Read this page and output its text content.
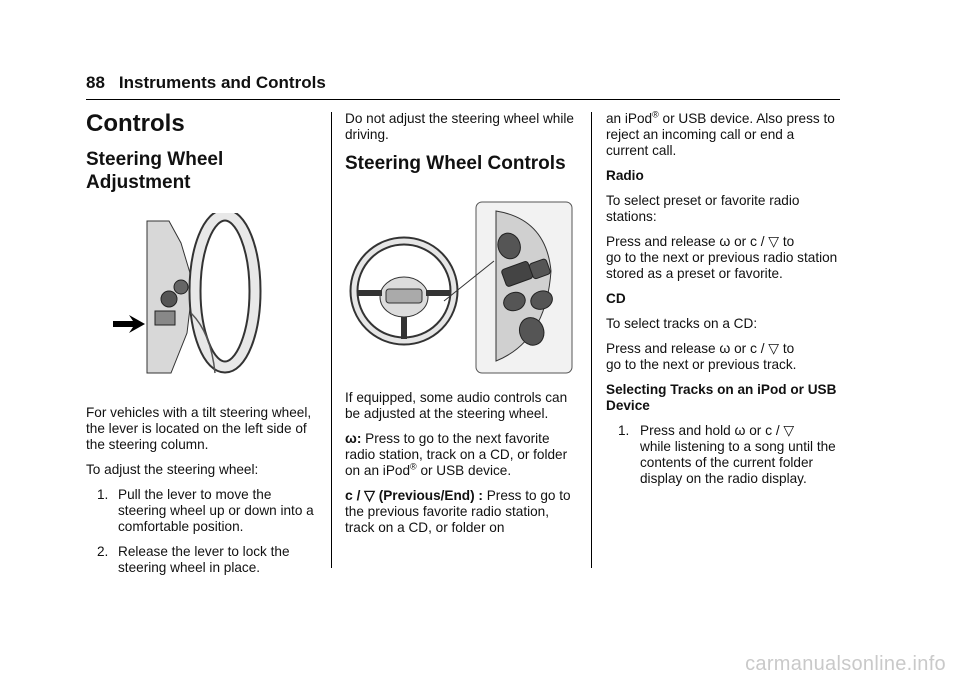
88 Instruments and Controls
Controls
Steering Wheel
Adjustment

For vehicles with a tilt steering wheel, the lever is located on the left side of the steering column.

To adjust the steering wheel:

1. Pull the lever to move the steering wheel up or down into a comfortable position.
2. Release the lever to lock the steering wheel in place.

Do not adjust the steering wheel while driving.

Steering Wheel Controls

If equipped, some audio controls can be adjusted at the steering wheel.

ω: Press to go to the next favorite radio station, track on a CD, or folder on an iPod® or USB device.

c / ▽ (Previous/End) : Press to go to the previous favorite radio station, track on a CD, or folder on

an iPod® or USB device. Also press to reject an incoming call or end a current call.

Radio

To select preset or favorite radio stations:

Press and release ω or c / ▽ to
go to the next or previous radio station stored as a preset or favorite.

CD

To select tracks on a CD:

Press and release ω or c / ▽ to
go to the next or previous track.

Selecting Tracks on an iPod or USB Device

1. Press and hold ω or c / ▽
while listening to a song until the contents of the current folder display on the radio display.
carmanualsonline.info
